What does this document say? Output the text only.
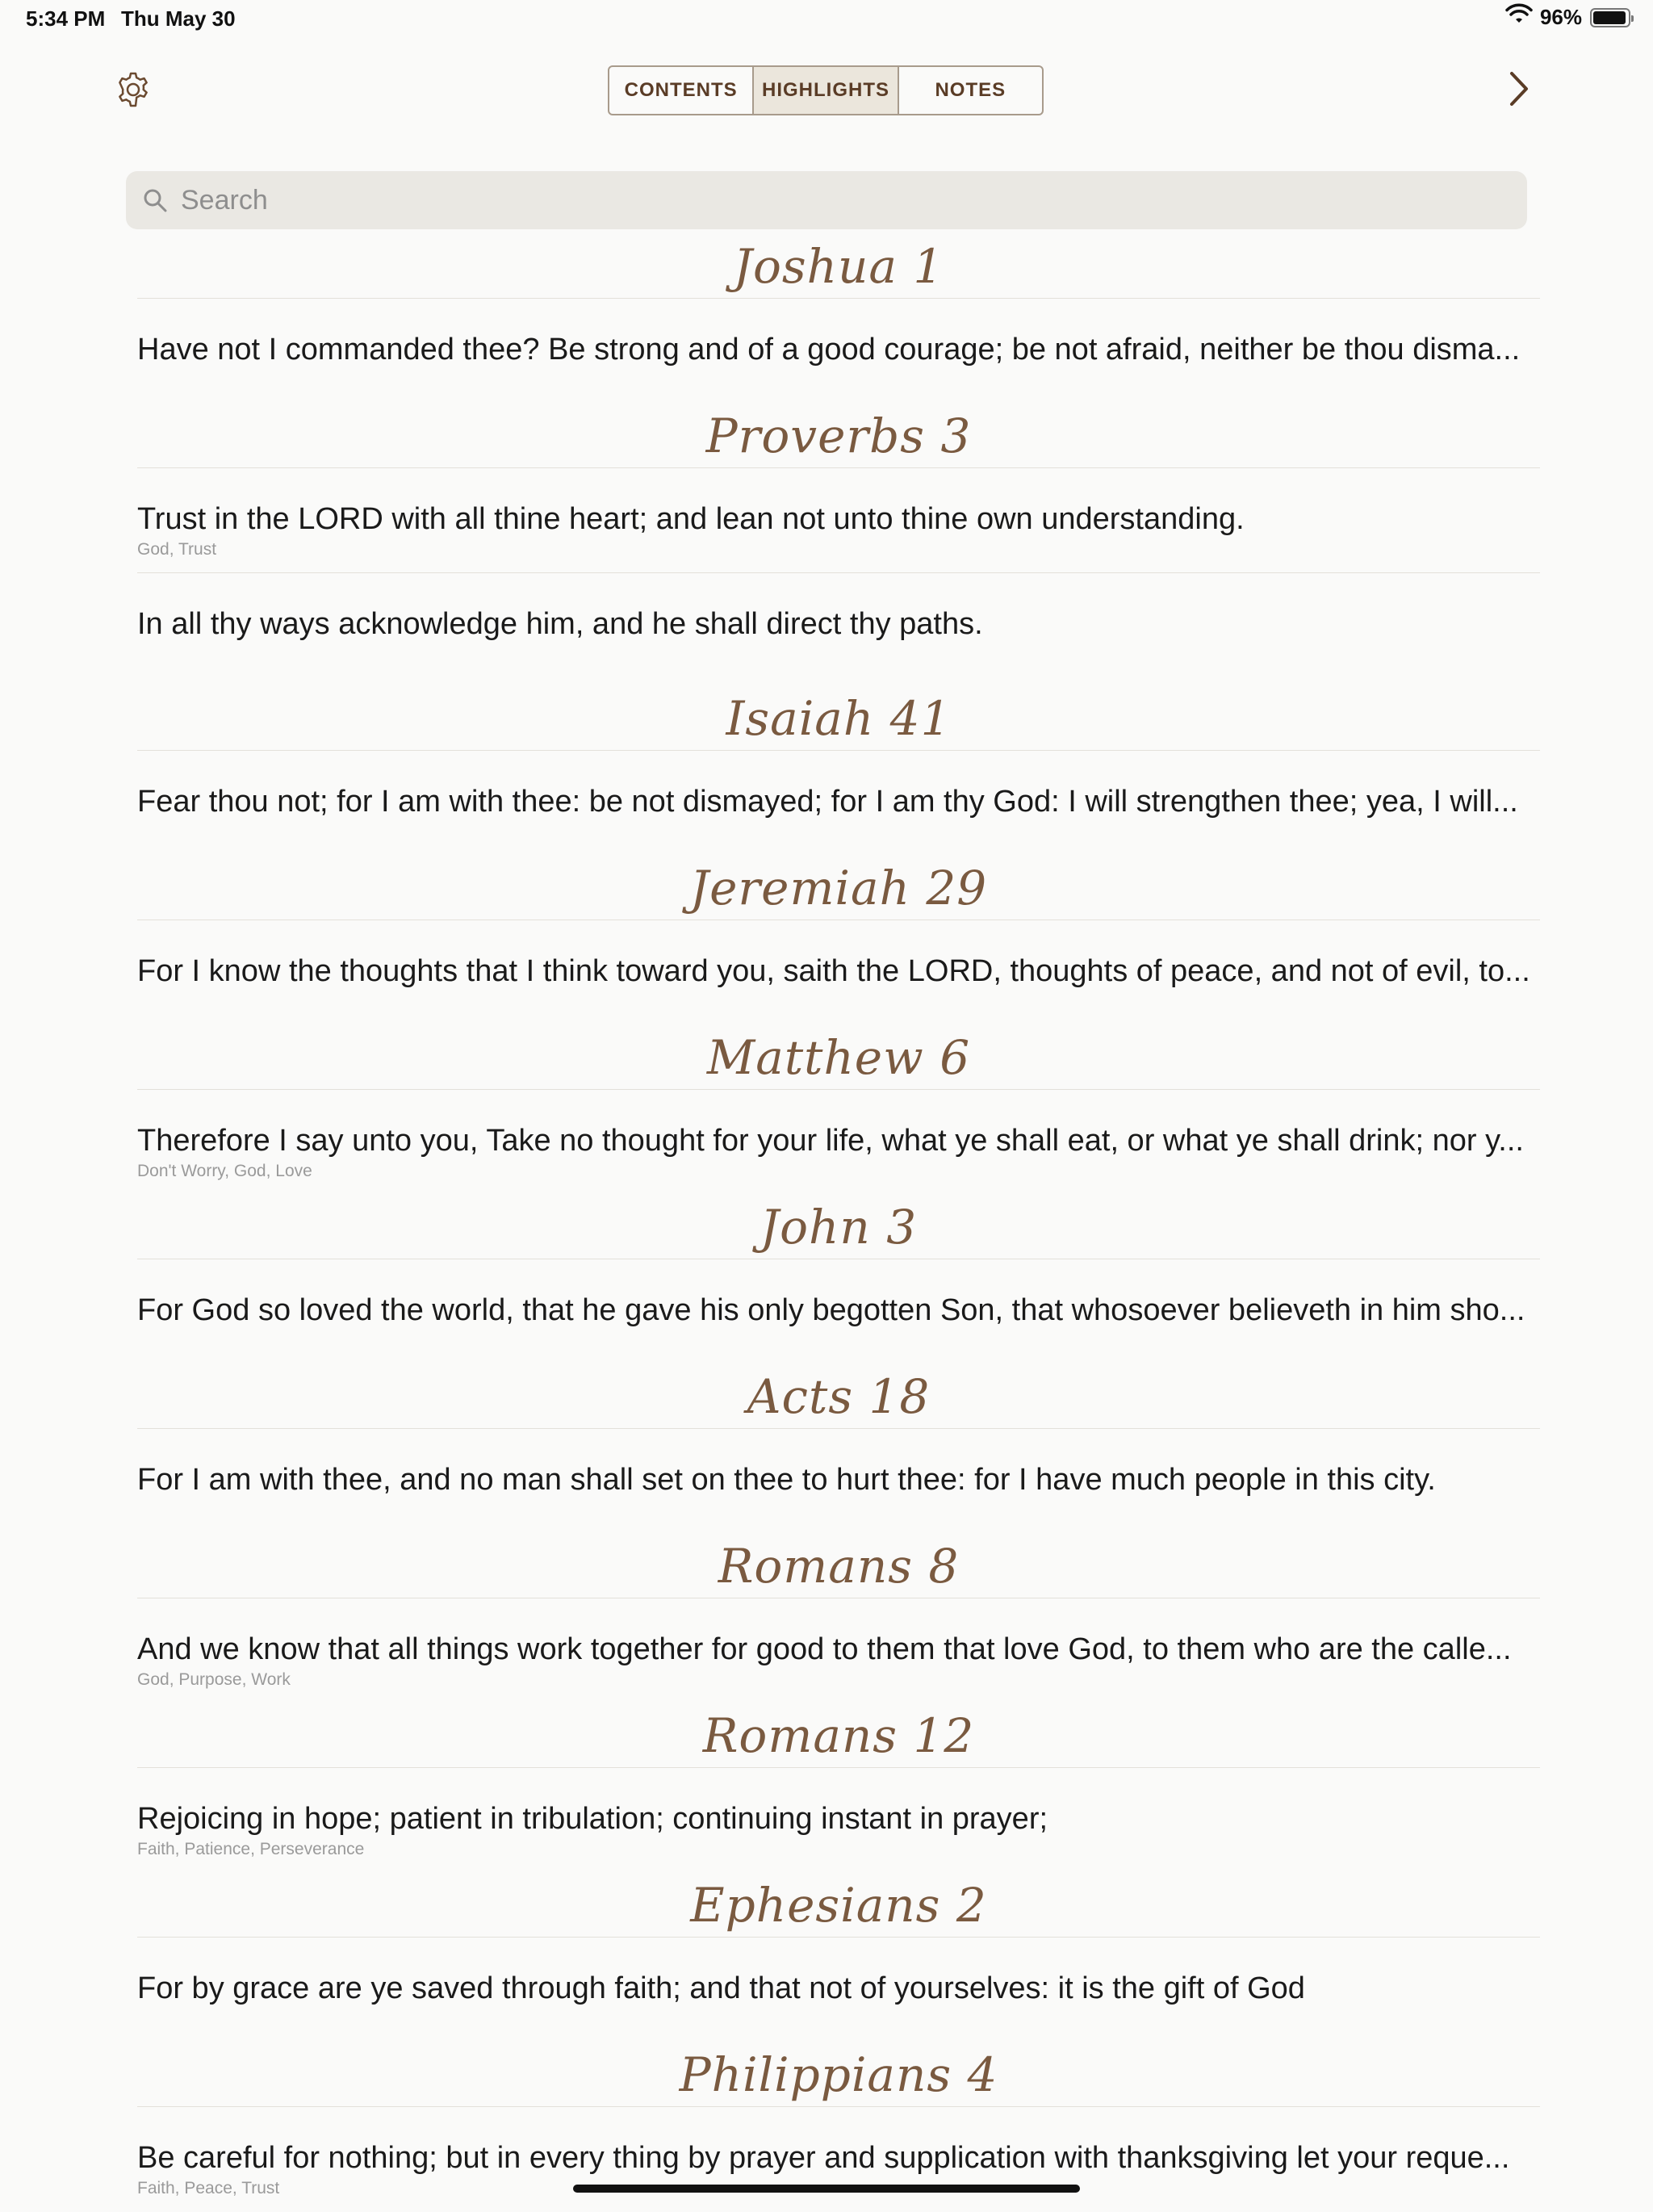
5:34 PM Thu May 30	96%
CONTENTS	HIGHLIGHTS	NOTES
Search
Joshua 1
Have not I commanded thee? Be strong and of a good courage; be not afraid, neither be thou disma...
Proverbs 3
Trust in the LORD with all thine heart; and lean not unto thine own understanding.
God, Trust
In all thy ways acknowledge him, and he shall direct thy paths.
Isaiah 41
Fear thou not; for I am with thee: be not dismayed; for I am thy God: I will strengthen thee; yea, I will...
Jeremiah 29
For I know the thoughts that I think toward you, saith the LORD, thoughts of peace, and not of evil, to...
Matthew 6
Therefore I say unto you, Take no thought for your life, what ye shall eat, or what ye shall drink; nor y...
Don't Worry, God, Love
John 3
For God so loved the world, that he gave his only begotten Son, that whosoever believeth in him sho...
Acts 18
For I am with thee, and no man shall set on thee to hurt thee: for I have much people in this city.
Romans 8
And we know that all things work together for good to them that love God, to them who are the calle...
God, Purpose, Work
Romans 12
Rejoicing in hope; patient in tribulation; continuing instant in prayer;
Faith, Patience, Perseverance
Ephesians 2
For by grace are ye saved through faith; and that not of yourselves: it is the gift of God
Philippians 4
Be careful for nothing; but in every thing by prayer and supplication with thanksgiving let your reque...
Faith, Peace, Trust
